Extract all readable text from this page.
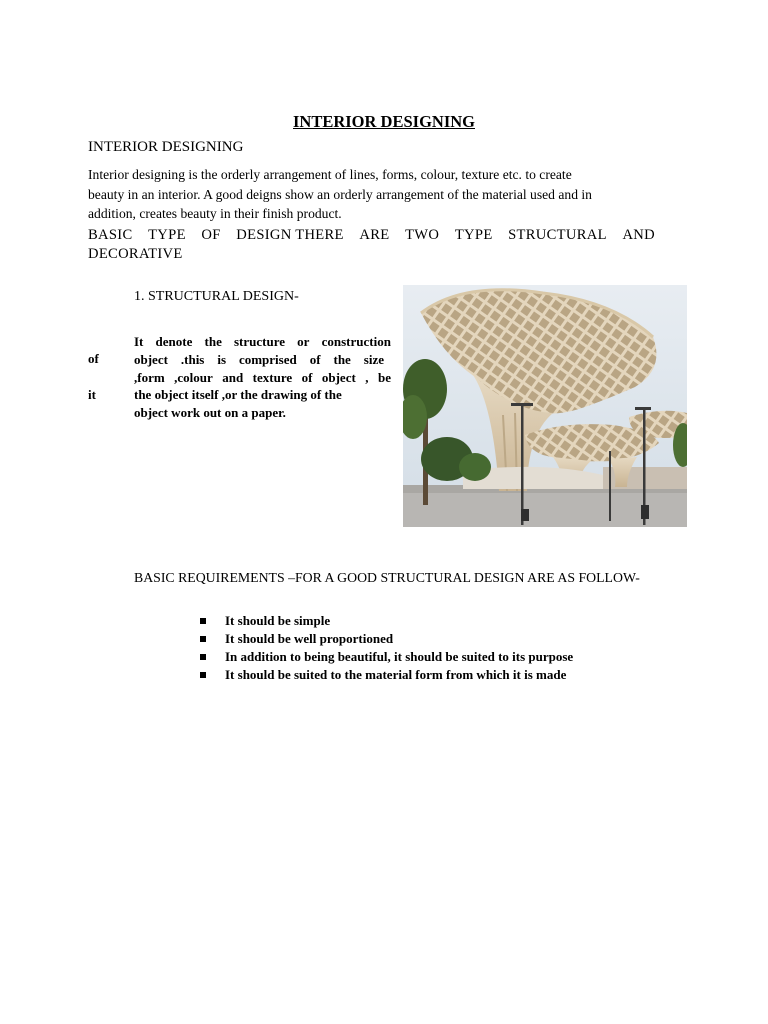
INTERIOR DESIGNING
INTERIOR DESIGNING
Interior designing is the orderly arrangement of lines, forms, colour, texture etc. to create
beauty in an interior. A good deigns show an orderly arrangement of the material used and in
addition, creates beauty in their finish product.
BASIC TYPE OF DESIGN THERE ARE TWO TYPE STRUCTURAL AND
DECORATIVE
1. STRUCTURAL DESIGN-
It denote the structure or construction
object .this is comprised of the size
,form ,colour and texture of object , be
the object itself ,or the drawing of the
object work out on a paper.
of
it
BASIC REQUIREMENTS –FOR A GOOD STRUCTURAL DESIGN ARE AS FOLLOW-
It should be simple
It should be well proportioned
In addition to being beautiful, it should be suited to its purpose
It should be suited to the material form from which it is made
